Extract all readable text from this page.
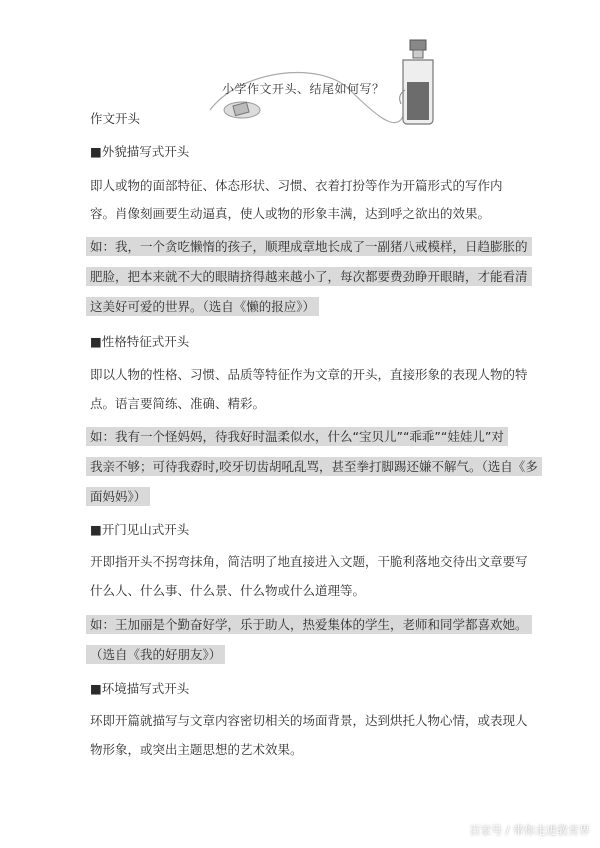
小学作文开头、结尾如何写？
作文开头
■外貌描写式开头
即人或物的面部特征、体态形状、习惯、衣着打扮等作为开篇形式的写作内
容。肖像刻画要生动逼真，使人或物的形象丰满，达到呼之欲出的效果。
如：我，一个贪吃懒惰的孩子，顺理成章地长成了一副猪八戒模样，日趋膨胀的
肥脸，把本来就不大的眼睛挤得越来越小了，每次都要费劲睁开眼睛，才能看清
这美好可爱的世界。（选自《懒的报应》）
■性格特征式开头
即以人物的性格、习惯、品质等特征作为文章的开头，直接形象的表现人物的特
点。语言要简练、准确、精彩。
如：我有一个怪妈妈，待我好时温柔似水，什么“宝贝儿”“乖乖”“娃娃儿”对
我亲不够；可待我孬时,咬牙切齿胡吼乱骂，甚至拳打脚踢还嫌不解气。（选自《多
面妈妈》）
■开门见山式开头
开即指开头不拐弯抹角，简洁明了地直接进入文题，干脆利落地交待出文章要写
什么人、什么事、什么景、什么物或什么道理等。
如：王加丽是个勤奋好学，乐于助人，热爱集体的学生，老师和同学都喜欢她。
（选自《我的好朋友》）
■环境描写式开头
环即开篇就描写与文章内容密切相关的场面背景，达到烘托人物心情，或表现人
物形象，或突出主题思想的艺术效果。
百家号 / 带你走进教育界
